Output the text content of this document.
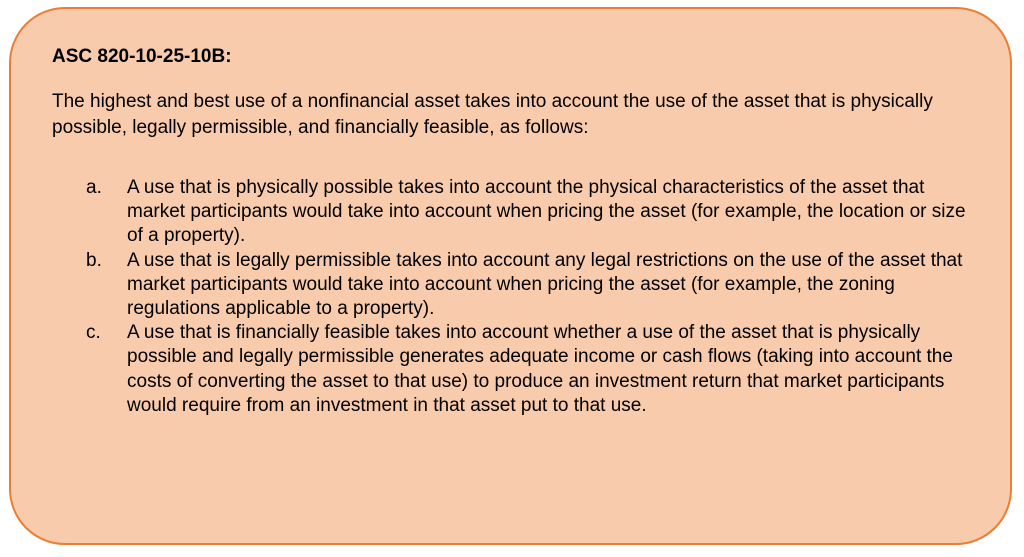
ASC 820-10-25-10B:

The highest and best use of a nonfinancial asset takes into account the use of the asset that is physically possible, legally permissible, and financially feasible, as follows:

a. A use that is physically possible takes into account the physical characteristics of the asset that market participants would take into account when pricing the asset (for example, the location or size of a property).
b. A use that is legally permissible takes into account any legal restrictions on the use of the asset that market participants would take into account when pricing the asset (for example, the zoning regulations applicable to a property).
c. A use that is financially feasible takes into account whether a use of the asset that is physically possible and legally permissible generates adequate income or cash flows (taking into account the costs of converting the asset to that use) to produce an investment return that market participants would require from an investment in that asset put to that use.
